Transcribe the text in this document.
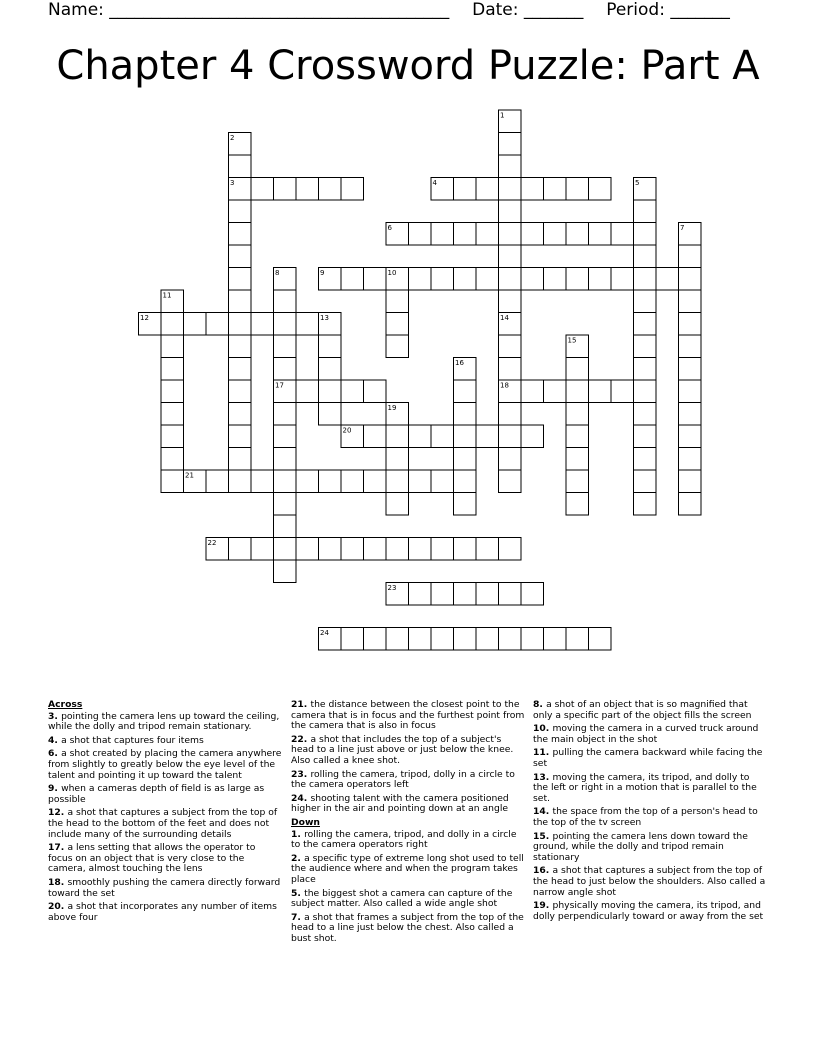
Name: ________________________________________ Date: _______ Period: _______
Chapter 4 Crossword Puzzle: Part A
1
2
3	4	5
6	7
8	9	10
11
12	13	14
15
16
17	18
19
20
21
22
23
24
Across
3. pointing the camera lens up toward the ceiling, while the dolly and tripod remain stationary.
4. a shot that captures four items
6. a shot created by placing the camera anywhere from slightly to greatly below the eye level of the talent and pointing it up toward the talent
9. when a cameras depth of field is as large as possible
12. a shot that captures a subject from the top of the head to the bottom of the feet and does not include many of the surrounding details
17. a lens setting that allows the operator to focus on an object that is very close to the camera, almost touching the lens
18. smoothly pushing the camera directly forward toward the set
20. a shot that incorporates any number of items above four
21. the distance between the closest point to the camera that is in focus and the furthest point from the camera that is also in focus
22. a shot that includes the top of a subject's head to a line just above or just below the knee. Also called a knee shot.
23. rolling the camera, tripod, dolly in a circle to the camera operators left
24. shooting talent with the camera positioned higher in the air and pointing down at an angle
Down
1. rolling the camera, tripod, and dolly in a circle to the camera operators right
2. a specific type of extreme long shot used to tell the audience where and when the program takes place
5. the biggest shot a camera can capture of the subject matter. Also called a wide angle shot
7. a shot that frames a subject from the top of the head to a line just below the chest. Also called a bust shot.
8. a shot of an object that is so magnified that only a specific part of the object fills the screen
10. moving the camera in a curved truck around the main object in the shot
11. pulling the camera backward while facing the set
13. moving the camera, its tripod, and dolly to the left or right in a motion that is parallel to the set.
14. the space from the top of a person's head to the top of the tv screen
15. pointing the camera lens down toward the ground, while the dolly and tripod remain stationary
16. a shot that captures a subject from the top of the head to just below the shoulders. Also called a narrow angle shot
19. physically moving the camera, its tripod, and dolly perpendicularly toward or away from the set
